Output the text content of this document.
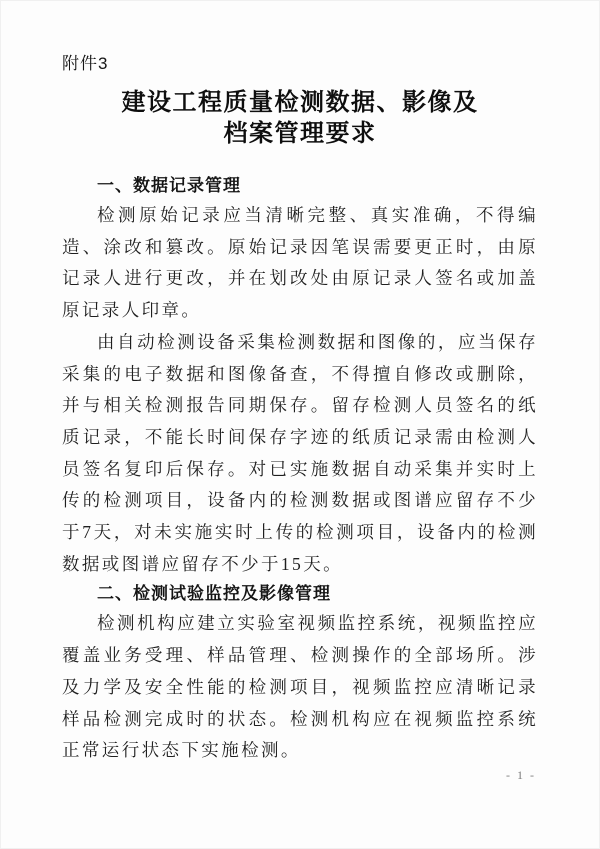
附件3
建设工程质量检测数据、影像及
档案管理要求
一、数据记录管理

检测原始记录应当清晰完整、真实准确，不得编造、涂改和篡改。原始记录因笔误需要更正时，由原记录人进行更改，并在划改处由原记录人签名或加盖原记录人印章。

由自动检测设备采集检测数据和图像的，应当保存采集的电子数据和图像备查，不得擅自修改或删除，并与相关检测报告同期保存。留存检测人员签名的纸质记录，不能长时间保存字迹的纸质记录需由检测人员签名复印后保存。对已实施数据自动采集并实时上传的检测项目，设备内的检测数据或图谱应留存不少于7天，对未实施实时上传的检测项目，设备内的检测数据或图谱应留存不少于15天。

二、检测试验监控及影像管理

检测机构应建立实验室视频监控系统，视频监控应覆盖业务受理、样品管理、检测操作的全部场所。涉及力学及安全性能的检测项目，视频监控应清晰记录样品检测完成时的状态。检测机构应在视频监控系统正常运行状态下实施检测。

- 1 -
